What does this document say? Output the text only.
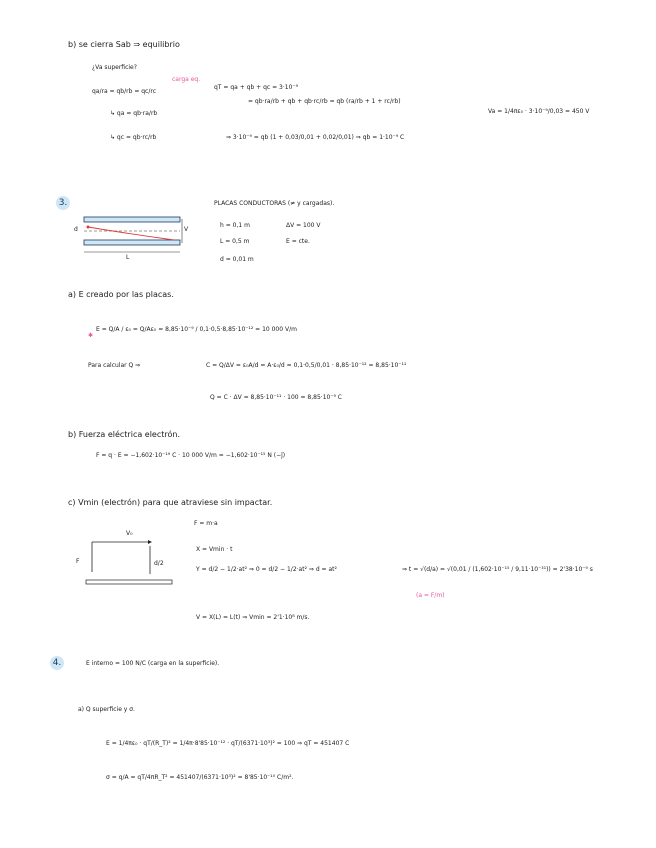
b) se cierra Sab ⇒ equilibrio
¿Va superficie?
carga eq.
qa/ra = qb/rb = qc/rc
qT = qa + qb + qc = 3·10⁻⁹
= qb·ra/rb + qb + qb·rc/rb = qb (ra/rb + 1 + rc/rb)
↳ qa = qb·ra/rb
↳ qc = qb·rc/rb	⇒ 3·10⁻⁹ = qb (1 + 0,03/0,01 + 0,02/0,01) ⇒ qb = 1·10⁻⁹ C
Va = 1/4πε₀ · 3·10⁻⁹/0,03 = 450 V
3.	PLACAS CONDUCTORAS (≠ y cargadas).
d	V
L
h = 0,1 m	ΔV = 100 V
L = 0,5 m	E = cte.
d = 0,01 m
a) E creado por las placas.
✱
E = Q/A / ε₀ = Q/Aε₀ = 8,85·10⁻⁹ / 0,1·0,5·8,85·10⁻¹² = 10 000 V/m
Para calcular Q ⇒	C = Q/ΔV = ε₀A/d = A·ε₀/d = 0,1·0,5/0,01 · 8,85·10⁻¹² = 8,85·10⁻¹¹
Q = C · ΔV = 8,85·10⁻¹¹ · 100 = 8,85·10⁻⁹ C
b) Fuerza eléctrica electrón.
F = q · E = −1,602·10⁻¹⁹ C · 10 000 V/m = −1,602·10⁻¹⁵ N (−ĵ)
c) Vmin (electrón) para que atraviese sin impactar.
F = m·a
V₀
F	d/2
X = Vmin · t
Y = d/2 − 1/2·at² ⇒ 0 = d/2 − 1/2·at² ⇒ d = at²	⇒ t = √(d/a) = √(0,01 / (1,602·10⁻¹⁵ / 9,11·10⁻³¹)) = 2'38·10⁻⁹ s
(a = F/m)
V = X(L) = L(t) ⇒ Vmin = 2'1·10⁸ m/s.
4.	E interno = 100 N/C (carga en la superficie).
a) Q superficie y σ.
E = 1/4πε₀ · qT/(R_T)² = 1/4π·8'85·10⁻¹² · qT/(6371·10³)² = 100 ⇒ qT = 451407 C
σ = q/A = qT/4πR_T² = 451407/(6371·10³)² = 8'85·10⁻¹⁰ C/m².
